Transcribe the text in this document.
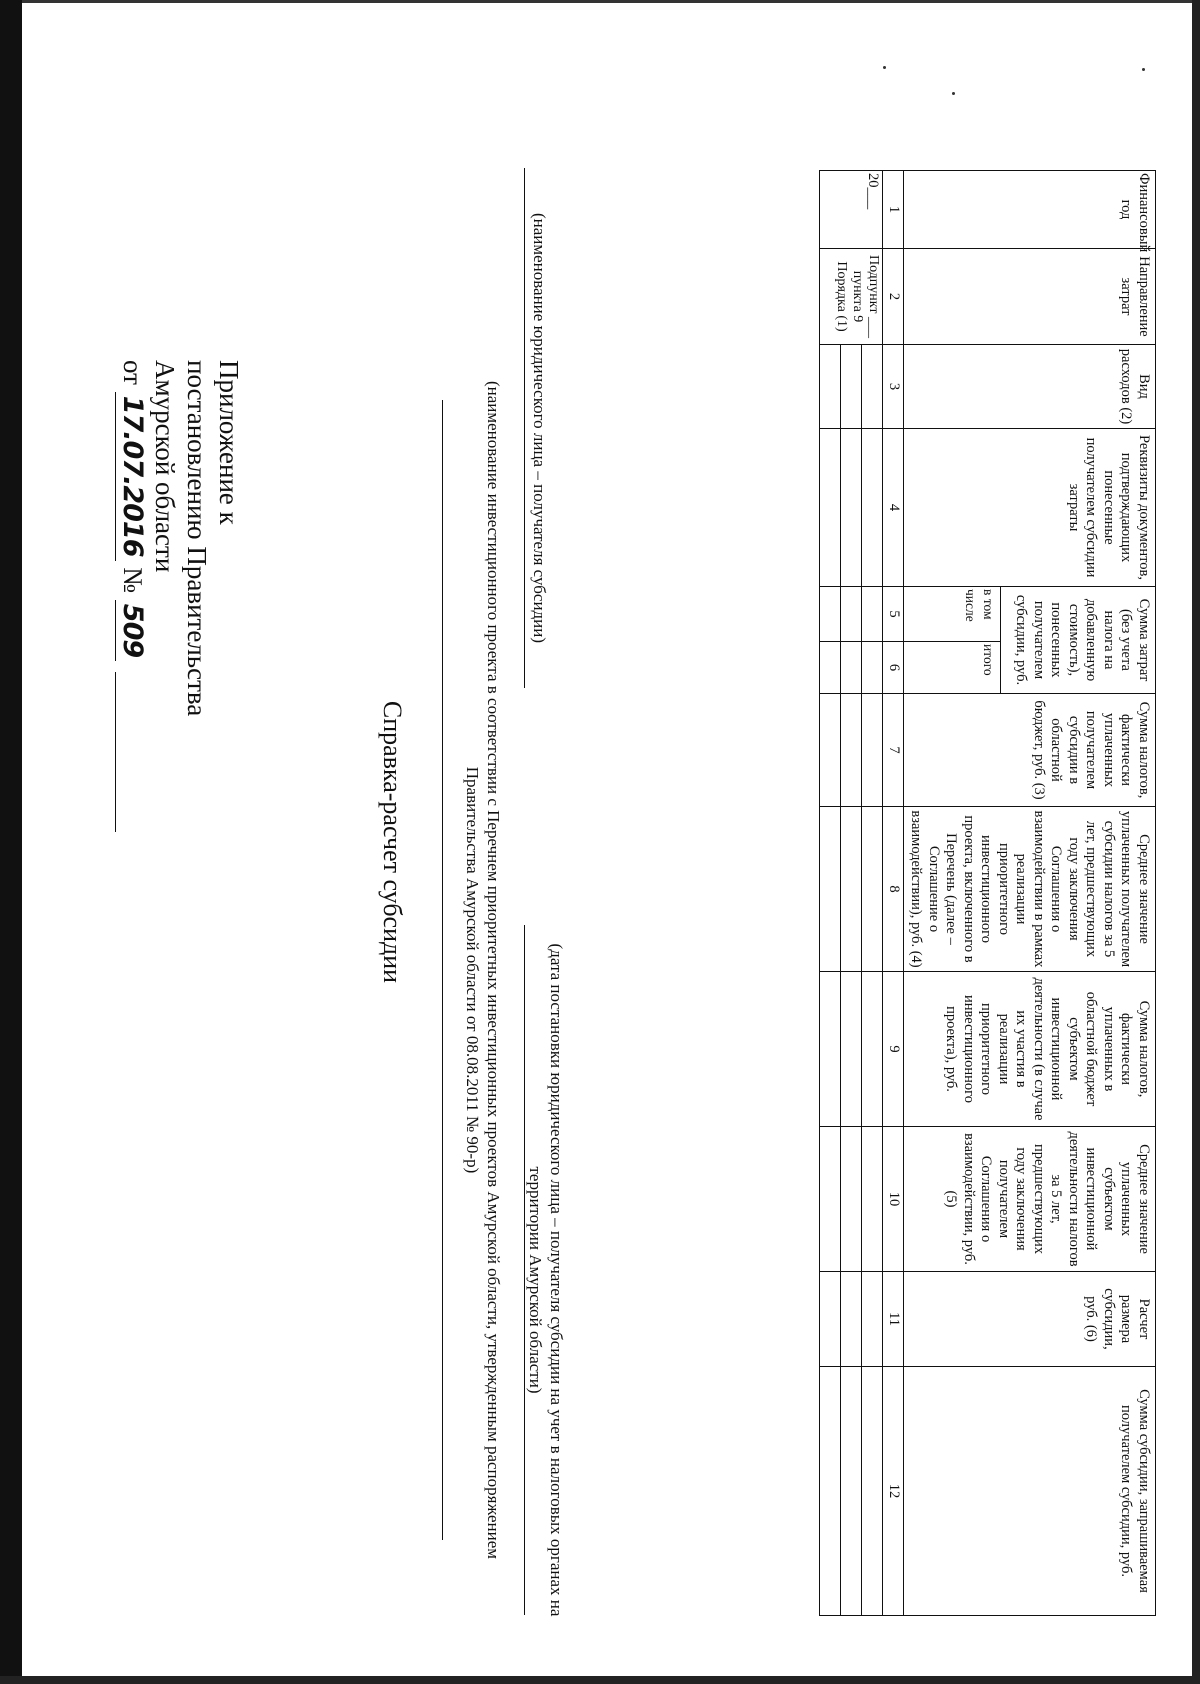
Приложение к
постановлению Правительства
Амурской области
от 17.07.2016 № 509
Справка-расчет субсидии	(наименование инвестиционного проекта в соответствии с Перечнем приоритетных инвестиционных проектов Амурской области, утвержденным распоряжением Правительства Амурской области от 08.08.2011 № 90-р)
(наименование юридического лица – получателя субсидии)
(дата постановки юридического лица – получателя субсидии на учет в налоговых органах на территории Амурской области)
Финансовый год	Направление затрат	Вид расходов (2)	Реквизиты документов, подтверждающих понесенные получателем субсидии затраты	Сумма затрат (без учета налога на добавленную стоимость), понесенных получателем субсидии, руб.		Сумма налогов, фактически уплаченных получателем субсидии в областной бюджет, руб. (3)	Среднее значение уплаченных получателем субсидии налогов за 5 лет, предшествующих году заключения Соглашения о взаимодействии в рамках реализации приоритетного инвестиционного проекта, включенного в Перечень (далее – Соглашение о взаимодействии), руб. (4)	Сумма налогов, фактически уплаченных в областной бюджет субъектом инвестиционной деятельности (в случае их участия в реализации приоритетного инвестиционного проекта), руб.	Среднее значение уплаченных субъектом инвестиционной деятельности налогов за 5 лет, предшествующих году заключения получателем Соглашения о взаимодействии, руб. (5)	Расчет размера субсидии, руб. (6)	Сумма субсидии, запрашиваемая получателем субсидии, руб.
				в том числе	итого						
1	2	3	4	5	6	7	8	9	10	11	12
20___	Подпункт ___ пункта 9 Порядка (1)										
